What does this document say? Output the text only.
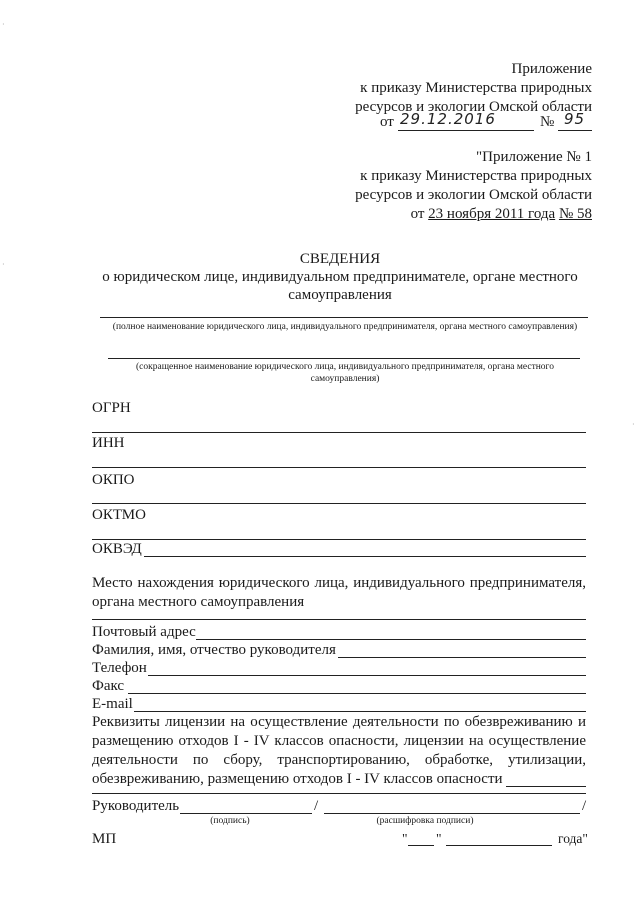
·
·
·
Приложение
к приказу Министерства природных
ресурсов и экологии Омской области
от 29.12.2016	№ 95
"Приложение № 1
к приказу Министерства природных
ресурсов и экологии Омской области
от 23 ноября 2011 года № 58
СВЕДЕНИЯ
о юридическом лице, индивидуальном предпринимателе, органе местного
самоуправления
(полное наименование юридического лица, индивидуального предпринимателя, органа местного самоуправления)
(сокращенное наименование юридического лица, индивидуального предпринимателя, органа местного самоуправления)
ОГРН
ИНН
ОКПО
ОКТМО
ОКВЭД
Место нахождения юридического лица, индивидуального предпринимателя,
органа местного самоуправления
Почтовый адрес
Фамилия, имя, отчество руководителя
Телефон
Факс
E-mail
Реквизиты лицензии на осуществление деятельности по обезвреживанию и
размещению отходов I - IV классов опасности, лицензии на осуществление
деятельности по сбору, транспортированию, обработке, утилизации,
обезвреживанию, размещению отходов I - IV классов опасности
Руководитель	/	/
(подпись)	(расшифровка подписи)
МП	" "	года"
